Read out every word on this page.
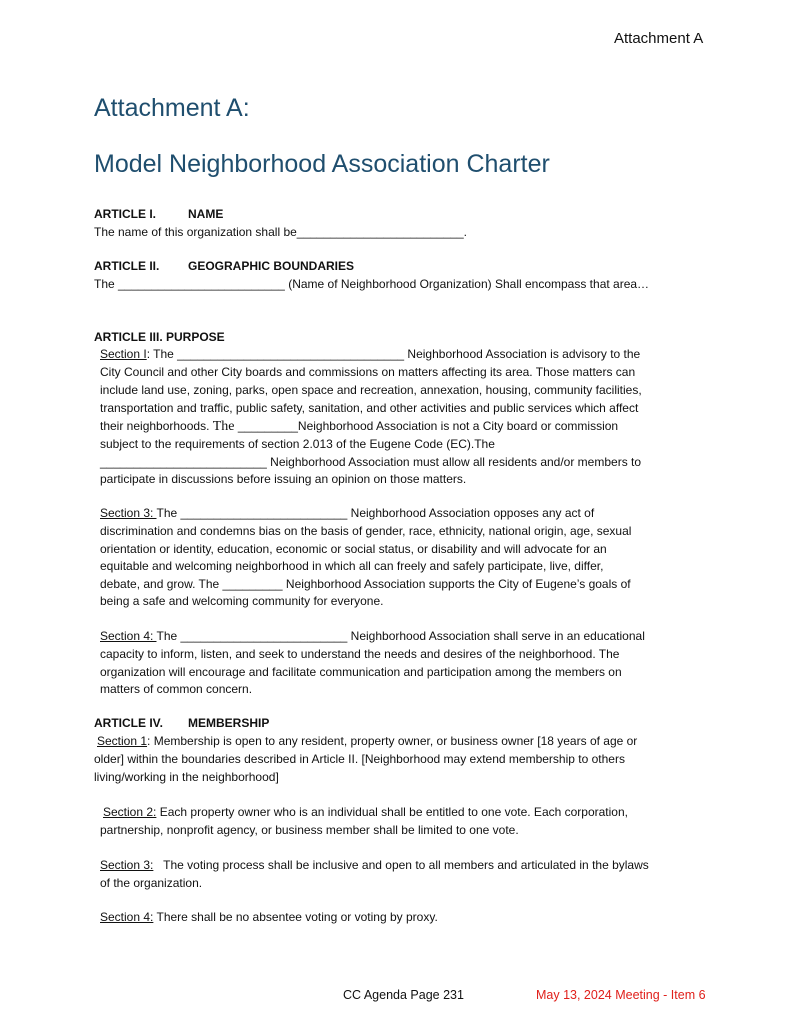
Attachment A
Attachment A:
Model Neighborhood Association Charter
ARTICLE I.	NAME
The name of this organization shall be_________________________.
ARTICLE II. GEOGRAPHIC BOUNDARIES
The _________________________ (Name of Neighborhood Organization) Shall encompass that area…
ARTICLE III. PURPOSE
Section I: The __________________________________ Neighborhood Association is advisory to the
City Council and other City boards and commissions on matters affecting its area. Those matters can
include land use, zoning, parks, open space and recreation, annexation, housing, community facilities,
transportation and traffic, public safety, sanitation, and other activities and public services which affect
their neighborhoods. The _________Neighborhood Association is not a City board or commission
subject to the requirements of section 2.013 of the Eugene Code (EC).The
_________________________ Neighborhood Association must allow all residents and/or members to
participate in discussions before issuing an opinion on those matters.
Section 3: The _________________________ Neighborhood Association opposes any act of
discrimination and condemns bias on the basis of gender, race, ethnicity, national origin, age, sexual
orientation or identity, education, economic or social status, or disability and will advocate for an
equitable and welcoming neighborhood in which all can freely and safely participate, live, differ,
debate, and grow. The _________ Neighborhood Association supports the City of Eugene’s goals of
being a safe and welcoming community for everyone.
Section 4: The _________________________ Neighborhood Association shall serve in an educational
capacity to inform, listen, and seek to understand the needs and desires of the neighborhood. The
organization will encourage and facilitate communication and participation among the members on
matters of common concern.
ARTICLE IV. MEMBERSHIP
Section 1: Membership is open to any resident, property owner, or business owner [18 years of age or
older] within the boundaries described in Article II. [Neighborhood may extend membership to others
living/working in the neighborhood]
Section 2: Each property owner who is an individual shall be entitled to one vote. Each corporation,
partnership, nonprofit agency, or business member shall be limited to one vote.
Section 3:   The voting process shall be inclusive and open to all members and articulated in the bylaws
of the organization.
Section 4: There shall be no absentee voting or voting by proxy.
CC Agenda Page 231	May 13, 2024 Meeting - Item 6
